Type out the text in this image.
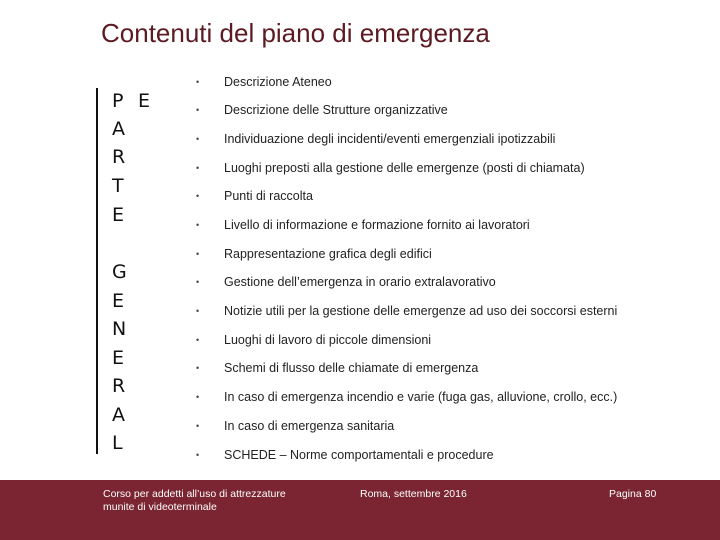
Contenuti del piano di emergenza
P E
A
R
T
E
G
E
N
E
R
A
L
• Descrizione Ateneo
• Descrizione delle Strutture organizzative
• Individuazione degli incidenti/eventi emergenziali ipotizzabili
• Luoghi preposti alla gestione delle emergenze (posti di chiamata)
• Punti di raccolta
• Livello di informazione e formazione fornito ai lavoratori
• Rappresentazione grafica degli edifici
• Gestione dell’emergenza in orario extralavorativo
• Notizie utili per la gestione delle emergenze ad uso dei soccorsi esterni
• Luoghi di lavoro di piccole dimensioni
• Schemi di flusso delle chiamate di emergenza
• In caso di emergenza incendio e varie (fuga gas, alluvione, crollo, ecc.)
• In caso di emergenza sanitaria
• SCHEDE – Norme comportamentali e procedure
Corso per addetti all’uso di attrezzature
munite di videoterminale
Roma, settembre 2016	Pagina 80
